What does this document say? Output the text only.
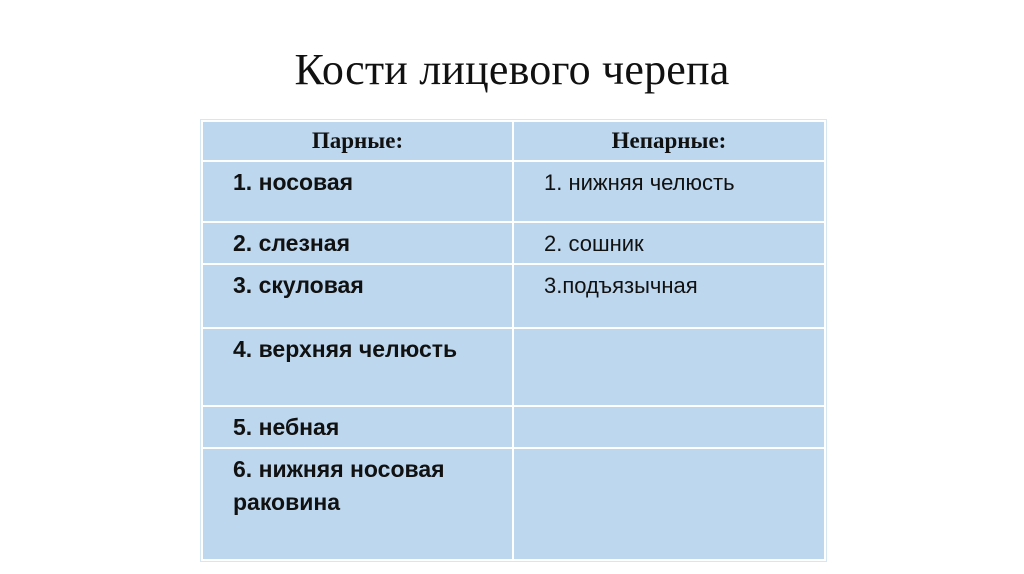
Кости лицевого черепа
Парные:	Непарные:
1. носовая	1. нижняя челюсть
2. слезная	2. сошник
3. скуловая	3.подъязычная
4. верхняя челюсть	
5. небная	
6. нижняя носовая раковина	
